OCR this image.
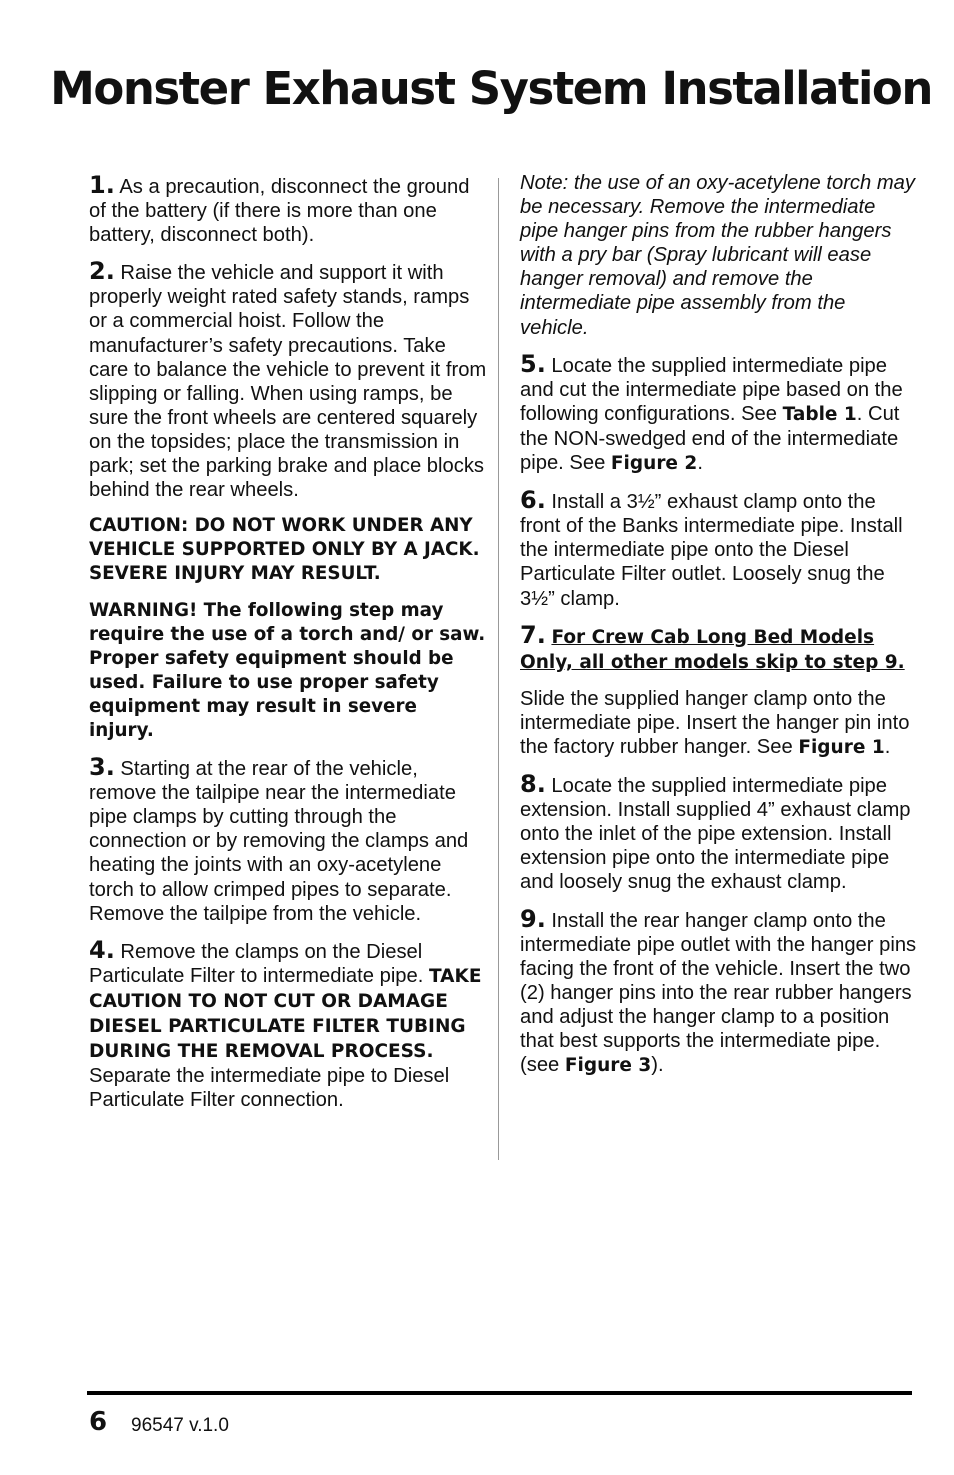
Monster Exhaust System Installation

1. As a precaution, disconnect the ground of the battery (if there is more than one battery, disconnect both).

2. Raise the vehicle and support it with properly weight rated safety stands, ramps or a commercial hoist. Follow the manufacturer’s safety precautions. Take care to balance the vehicle to prevent it from slipping or falling. When using ramps, be sure the front wheels are centered squarely on the topsides; place the transmission in park; set the parking brake and place blocks behind the rear wheels.

CAUTION: DO NOT WORK UNDER ANY VEHICLE SUPPORTED ONLY BY A JACK. SEVERE INJURY MAY RESULT.

WARNING! The following step may require the use of a torch and/ or saw. Proper safety equipment should be used. Failure to use proper safety equipment may result in severe injury.

3. Starting at the rear of the vehicle, remove the tailpipe near the intermediate pipe clamps by cutting through the connection or by removing the clamps and heating the joints with an oxy-acetylene torch to allow crimped pipes to separate. Remove the tailpipe from the vehicle.

4. Remove the clamps on the Diesel Particulate Filter to intermediate pipe. TAKE CAUTION TO NOT CUT OR DAMAGE DIESEL PARTICULATE FILTER TUBING DURING THE REMOVAL PROCESS. Separate the intermediate pipe to Diesel Particulate Filter connection.

Note: the use of an oxy-acetylene torch may be necessary. Remove the intermediate pipe hanger pins from the rubber hangers with a pry bar (Spray lubricant will ease hanger removal) and remove the intermediate pipe assembly from the vehicle.

5. Locate the supplied intermediate pipe and cut the intermediate pipe based on the following configurations. See Table 1. Cut the NON-swedged end of the intermediate pipe. See Figure 2.

6. Install a 3½” exhaust clamp onto the front of the Banks intermediate pipe. Install the intermediate pipe onto the Diesel Particulate Filter outlet. Loosely snug the 3½” clamp.

7. For Crew Cab Long Bed Models Only, all other models skip to step 9.

Slide the supplied hanger clamp onto the intermediate pipe. Insert the hanger pin into the factory rubber hanger. See Figure 1.

8. Locate the supplied intermediate pipe extension. Install supplied 4” exhaust clamp onto the inlet of the pipe extension. Install extension pipe onto the intermediate pipe and loosely snug the exhaust clamp.

9. Install the rear hanger clamp onto the intermediate pipe outlet with the hanger pins facing the front of the vehicle. Insert the two (2) hanger pins into the rear rubber hangers and adjust the hanger clamp to a position that best supports the intermediate pipe. (see Figure 3).

6 96547 v.1.0
